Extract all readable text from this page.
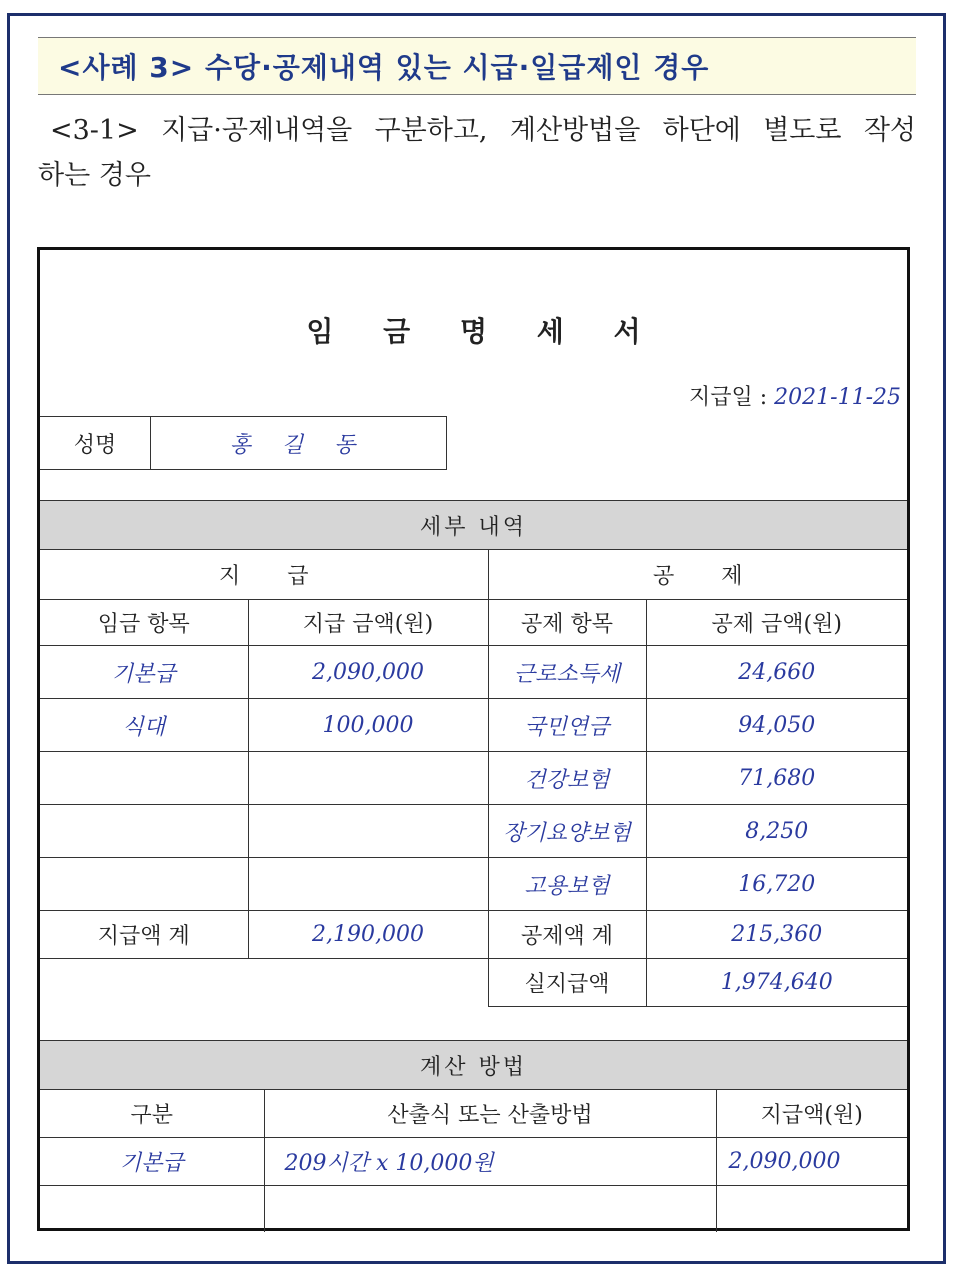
<사례 3> 수당·공제내역 있는 시급·일급제인 경우
<3-1> 지급·공제내역을 구분하고, 계산방법을 하단에 별도로 작성
하는 경우
임 금 명 세 서
지급일 : 2021-11-25
성명	홍 길 동
세부 내역
지 급		공 제	
임금 항목	지급 금액(원)	공제 항목	공제 금액(원)
기본급	2,090,000	근로소득세	24,660
식대	100,000	국민연금	94,050
		건강보험	71,680
		장기요양보험	8,250
		고용보험	16,720
지급액 계	2,190,000	공제액 계	215,360
		실지급액	1,974,640
계산 방법
구분	산출식 또는 산출방법	지급액(원)
기본급	209시간 x 10,000원	2,090,000
